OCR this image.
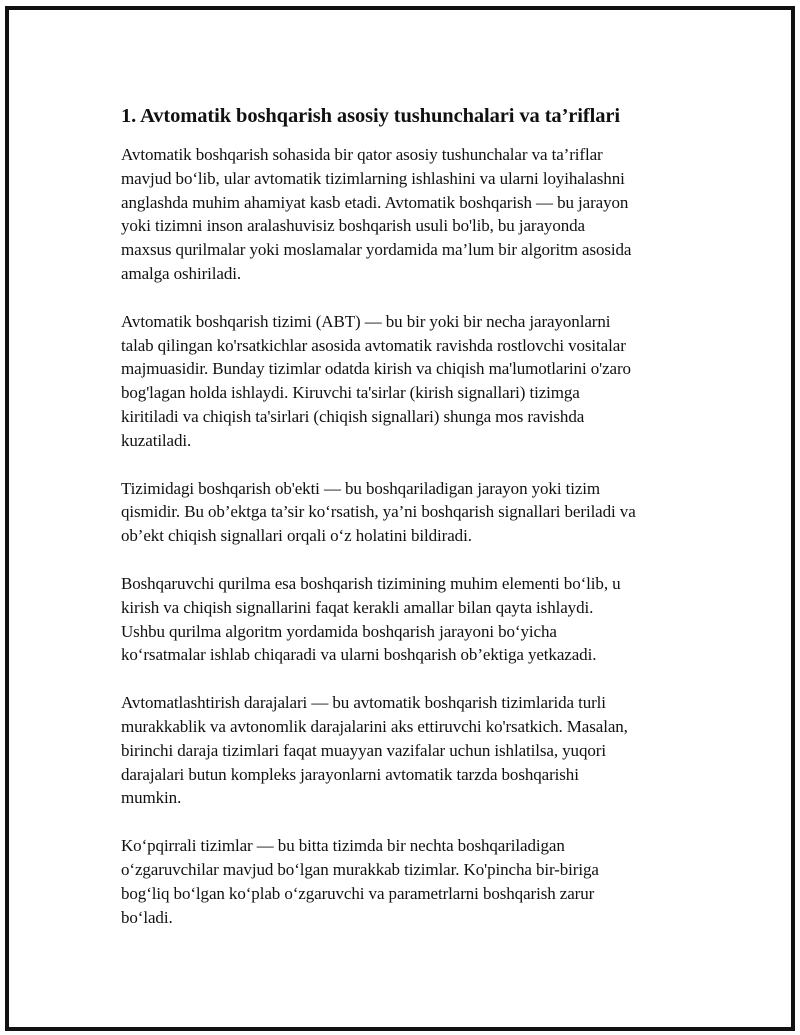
1. Avtomatik boshqarish asosiy tushunchalari va ta’riflari

Avtomatik boshqarish sohasida bir qator asosiy tushunchalar va ta’riflar
mavjud bo‘lib, ular avtomatik tizimlarning ishlashini va ularni loyihalashni
anglashda muhim ahamiyat kasb etadi. Avtomatik boshqarish — bu jarayon
yoki tizimni inson aralashuvisiz boshqarish usuli bo'lib, bu jarayonda
maxsus qurilmalar yoki moslamalar yordamida ma’lum bir algoritm asosida
amalga oshiriladi.

Avtomatik boshqarish tizimi (ABT) — bu bir yoki bir necha jarayonlarni
talab qilingan ko'rsatkichlar asosida avtomatik ravishda rostlovchi vositalar
majmuasidir. Bunday tizimlar odatda kirish va chiqish ma'lumotlarini o'zaro
bog'lagan holda ishlaydi. Kiruvchi ta'sirlar (kirish signallari) tizimga
kiritiladi va chiqish ta'sirlari (chiqish signallari) shunga mos ravishda
kuzatiladi.

Tizimidagi boshqarish ob'ekti — bu boshqariladigan jarayon yoki tizim
qismidir. Bu ob’ektga ta’sir ko‘rsatish, ya’ni boshqarish signallari beriladi va
ob’ekt chiqish signallari orqali o‘z holatini bildiradi.

Boshqaruvchi qurilma esa boshqarish tizimining muhim elementi bo‘lib, u
kirish va chiqish signallarini faqat kerakli amallar bilan qayta ishlaydi.
Ushbu qurilma algoritm yordamida boshqarish jarayoni bo‘yicha
ko‘rsatmalar ishlab chiqaradi va ularni boshqarish ob’ektiga yetkazadi.

Avtomatlashtirish darajalari — bu avtomatik boshqarish tizimlarida turli
murakkablik va avtonomlik darajalarini aks ettiruvchi ko'rsatkich. Masalan,
birinchi daraja tizimlari faqat muayyan vazifalar uchun ishlatilsa, yuqori
darajalari butun kompleks jarayonlarni avtomatik tarzda boshqarishi
mumkin.

Ko‘pqirrali tizimlar — bu bitta tizimda bir nechta boshqariladigan
o‘zgaruvchilar mavjud bo‘lgan murakkab tizimlar. Ko'pincha bir-biriga
bog‘liq bo‘lgan ko‘plab o‘zgaruvchi va parametrlarni boshqarish zarur
bo‘ladi.
